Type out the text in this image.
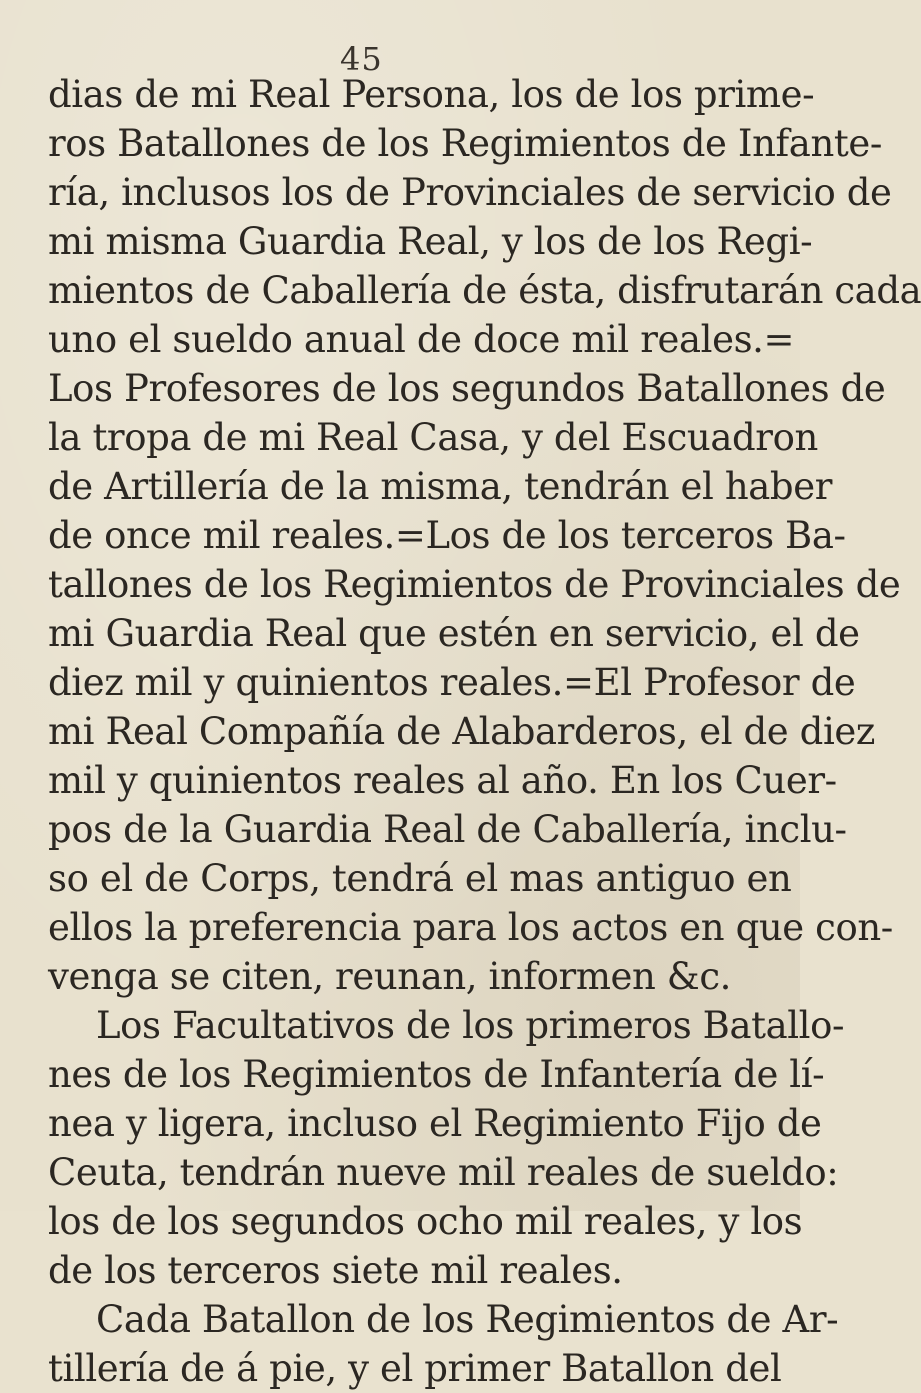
45
dias de mi Real Persona, los de los prime-
ros Batallones de los Regimientos de Infante-
ría, inclusos los de Provinciales de servicio de
mi misma Guardia Real, y los de los Regi-
mientos de Caballería de ésta, disfrutarán cada
uno el sueldo anual de doce mil reales.=
Los Profesores de los segundos Batallones de
la tropa de mi Real Casa, y del Escuadron
de Artillería de la misma, tendrán el haber
de once mil reales.=Los de los terceros Ba-
tallones de los Regimientos de Provinciales de
mi Guardia Real que estén en servicio, el de
diez mil y quinientos reales.=El Profesor de
mi Real Compañía de Alabarderos, el de diez
mil y quinientos reales al año. En los Cuer-
pos de la Guardia Real de Caballería, inclu-
so el de Corps, tendrá el mas antiguo en
ellos la preferencia para los actos en que con-
venga se citen, reunan, informen &c.
Los Facultativos de los primeros Batallo-
nes de los Regimientos de Infantería de lí-
nea y ligera, incluso el Regimiento Fijo de
Ceuta, tendrán nueve mil reales de sueldo:
los de los segundos ocho mil reales, y los
de los terceros siete mil reales.
Cada Batallon de los Regimientos de Ar-
tillería de á pie, y el primer Batallon del
